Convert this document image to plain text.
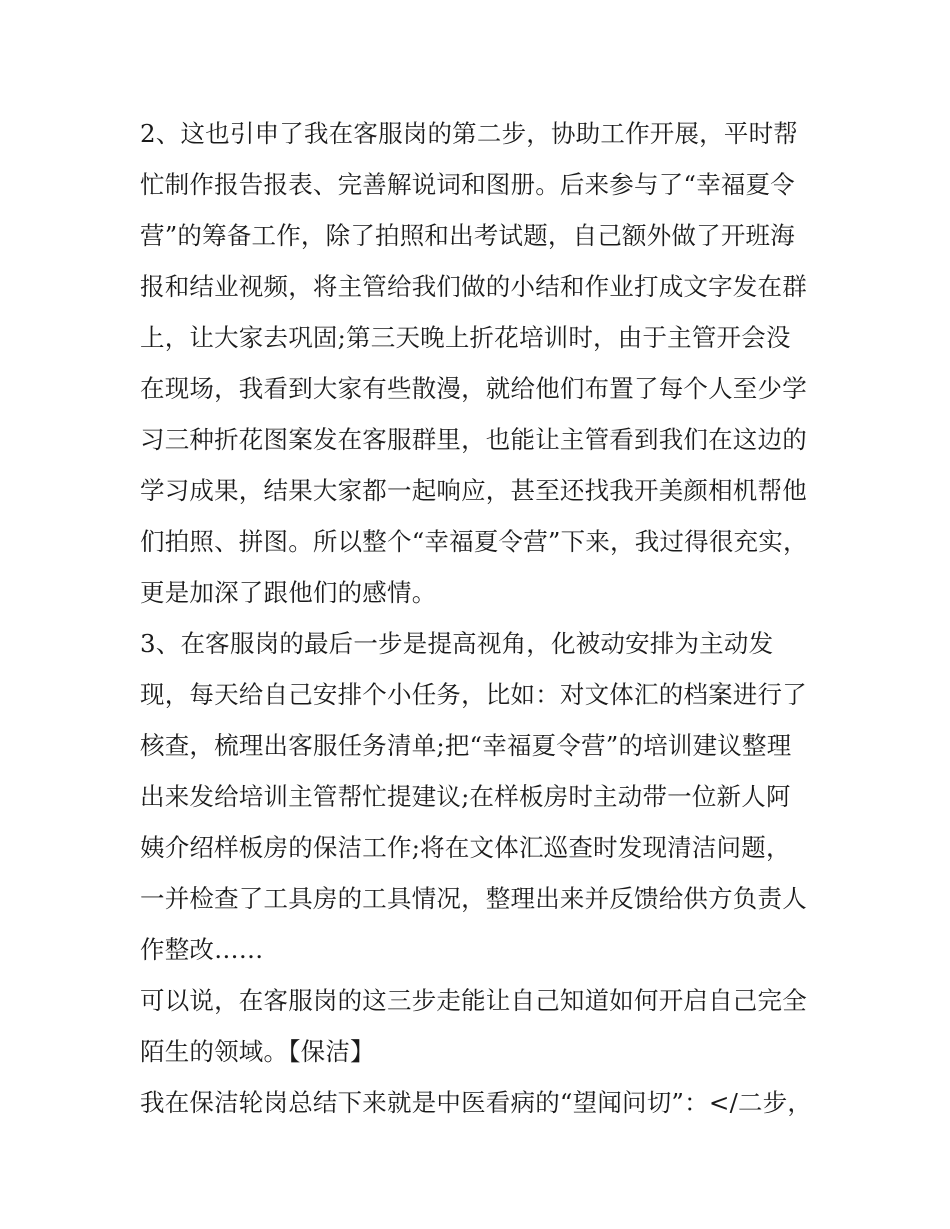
2、这也引申了我在客服岗的第二步，协助工作开展，平时帮
忙制作报告报表、完善解说词和图册。后来参与了“幸福夏令
营”的筹备工作，除了拍照和出考试题，自己额外做了开班海
报和结业视频，将主管给我们做的小结和作业打成文字发在群
上，让大家去巩固;第三天晚上折花培训时，由于主管开会没
在现场，我看到大家有些散漫，就给他们布置了每个人至少学
习三种折花图案发在客服群里，也能让主管看到我们在这边的
学习成果，结果大家都一起响应，甚至还找我开美颜相机帮他
们拍照、拼图。所以整个“幸福夏令营”下来，我过得很充实，
更是加深了跟他们的感情。
3、在客服岗的最后一步是提高视角，化被动安排为主动发
现，每天给自己安排个小任务，比如：对文体汇的档案进行了
核查，梳理出客服任务清单;把“幸福夏令营”的培训建议整理
出来发给培训主管帮忙提建议;在样板房时主动带一位新人阿
姨介绍样板房的保洁工作;将在文体汇巡查时发现清洁问题，
一并检查了工具房的工具情况，整理出来并反馈给供方负责人
作整改……
可以说，在客服岗的这三步走能让自己知道如何开启自己完全
陌生的领域。【保洁】
我在保洁轮岗总结下来就是中医看病的“望闻问切”：</二步，
